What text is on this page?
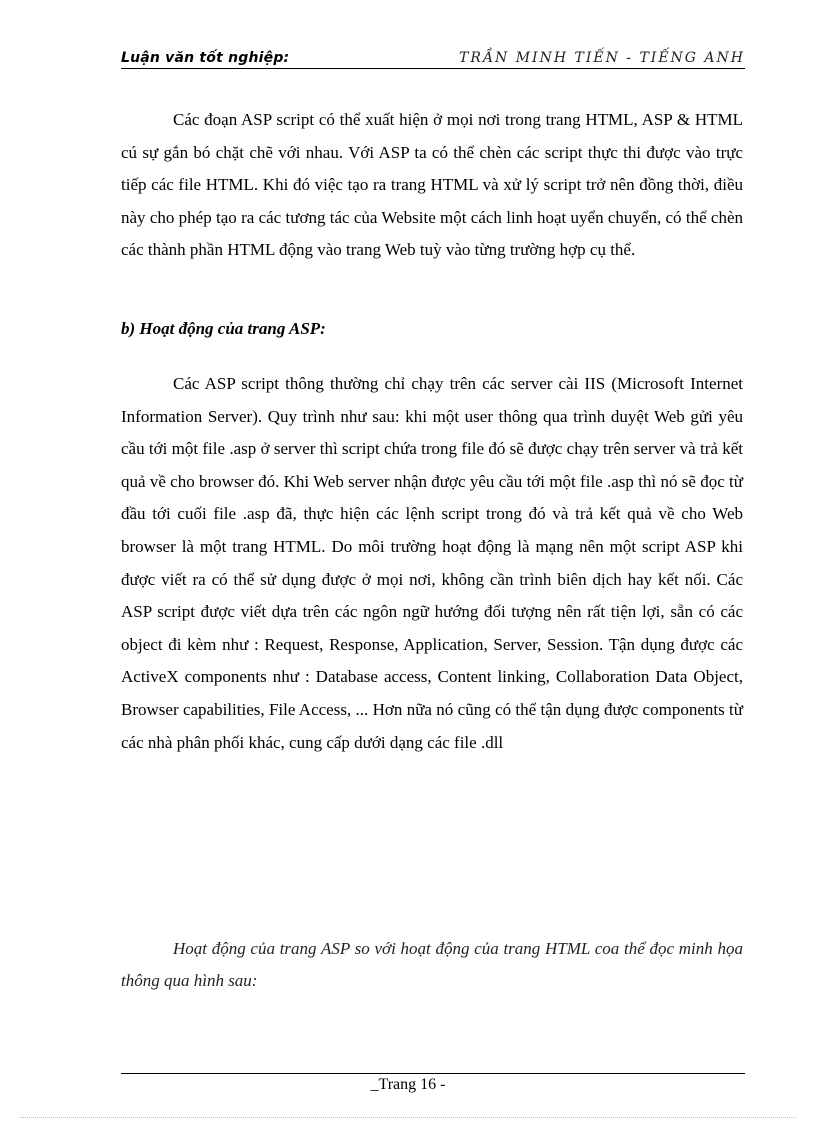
Luận văn tốt nghiệp:	TRẦN MINH TIẾN - TIẾNG ANH

Các đoạn ASP script có thể xuất hiện ở mọi nơi trong trang HTML, ASP & HTML cú sự gắn bó chặt chẽ với nhau. Với ASP ta có thể chèn các script thực thi được vào trực tiếp các file HTML. Khi đó việc tạo ra trang HTML và xử lý script trở nên đồng thời, điều này cho phép tạo ra các tương tác của Website một cách linh hoạt uyển chuyển, có thể chèn các thành phần HTML động vào trang Web tuỳ vào từng trường hợp cụ thể.

b) Hoạt động của trang ASP:

Các ASP script thông thường chỉ chạy trên các server cài IIS (Microsoft Internet Information Server). Quy trình như sau: khi một user thông qua trình duyệt Web gửi yêu cầu tới một file .asp ở server thì script chứa trong file đó sẽ được chạy trên server và trả kết quả về cho browser đó. Khi Web server nhận được yêu cầu tới một file .asp thì nó sẽ đọc từ đầu tới cuối file .asp đã, thực hiện các lệnh script trong đó và trả kết quả về cho Web browser là một trang HTML. Do môi trường hoạt động là mạng nên một script ASP khi được viết ra có thể sử dụng được ở mọi nơi, không cần trình biên dịch hay kết nối. Các ASP script được viết dựa trên các ngôn ngữ hướng đối tượng nên rất tiện lợi, sẵn có các object đi kèm như : Request, Response, Application, Server, Session. Tận dụng được các ActiveX components như : Database access, Content linking, Collaboration Data Object, Browser capabilities, File Access, ... Hơn nữa nó cũng có thể tận dụng được components từ các nhà phân phối khác, cung cấp dưới dạng các file .dll

Hoạt động của trang ASP so với hoạt động của trang HTML coa thể đọc minh họa thông qua hình sau:

_Trang 16 -
